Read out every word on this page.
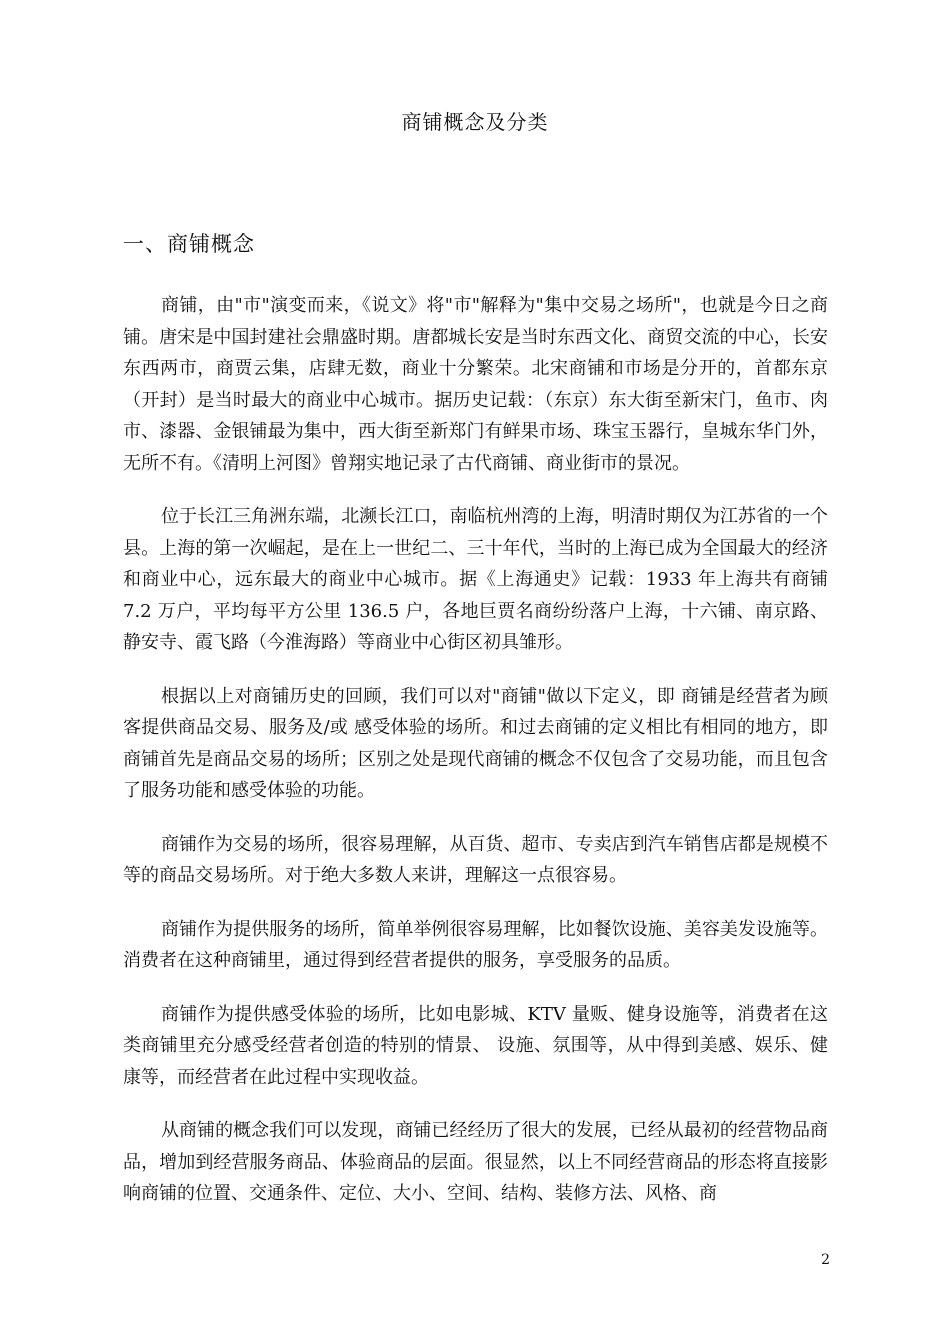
商铺概念及分类
一、商铺概念

商铺，由"市"演变而来，《说文》将"市"解释为"集中交易之场所"，也就是今日之商铺。唐宋是中国封建社会鼎盛时期。唐都城长安是当时东西文化、商贸交流的中心，长安东西两市，商贾云集，店肆无数，商业十分繁荣。北宋商铺和市场是分开的，首都东京（开封）是当时最大的商业中心城市。据历史记载：（东京）东大街至新宋门，鱼市、肉市、漆器、金银铺最为集中，西大街至新郑门有鲜果市场、珠宝玉器行，皇城东华门外，无所不有。《清明上河图》曾翔实地记录了古代商铺、商业街市的景况。

位于长江三角洲东端，北濒长江口，南临杭州湾的上海，明清时期仅为江苏省的一个县。上海的第一次崛起，是在上一世纪二、三十年代，当时的上海已成为全国最大的经济和商业中心，远东最大的商业中心城市。据《上海通史》记载：1933 年上海共有商铺 7.2 万户，平均每平方公里 136.5 户，各地巨贾名商纷纷落户上海，十六铺、南京路、静安寺、霞飞路（今淮海路）等商业中心街区初具雏形。

根据以上对商铺历史的回顾，我们可以对"商铺"做以下定义，即 商铺是经营者为顾客提供商品交易、服务及/或 感受体验的场所。和过去商铺的定义相比有相同的地方，即 商铺首先是商品交易的场所；区别之处是现代商铺的概念不仅包含了交易功能，而且包含了服务功能和感受体验的功能。

商铺作为交易的场所，很容易理解，从百货、超市、专卖店到汽车销售店都是规模不等的商品交易场所。对于绝大多数人来讲，理解这一点很容易。

商铺作为提供服务的场所，简单举例很容易理解，比如餐饮设施、美容美发设施等。消费者在这种商铺里，通过得到经营者提供的服务，享受服务的品质。

商铺作为提供感受体验的场所，比如电影城、KTV 量贩、健身设施等，消费者在这类商铺里充分感受经营者创造的特别的情景、 设施、氛围等，从中得到美感、娱乐、健康等，而经营者在此过程中实现收益。

从商铺的概念我们可以发现，商铺已经经历了很大的发展，已经从最初的经营物品商品，增加到经营服务商品、体验商品的层面。很显然，以上不同经营商品的形态将直接影响商铺的位置、交通条件、定位、大小、空间、结构、装修方法、风格、商

2
